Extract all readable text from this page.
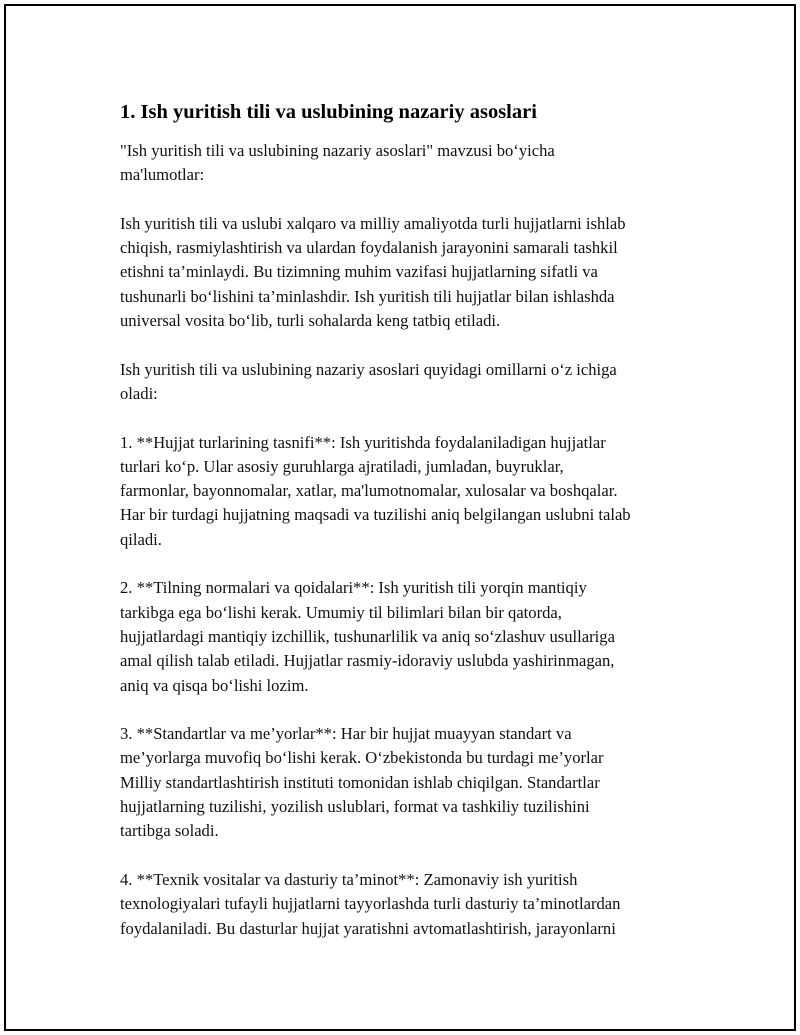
1. Ish yuritish tili va uslubining nazariy asoslari

"Ish yuritish tili va uslubining nazariy asoslari" mavzusi bo‘yicha
ma'lumotlar:

Ish yuritish tili va uslubi xalqaro va milliy amaliyotda turli hujjatlarni ishlab
chiqish, rasmiylashtirish va ulardan foydalanish jarayonini samarali tashkil
etishni ta’minlaydi. Bu tizimning muhim vazifasi hujjatlarning sifatli va
tushunarli bo‘lishini ta’minlashdir. Ish yuritish tili hujjatlar bilan ishlashda
universal vosita bo‘lib, turli sohalarda keng tatbiq etiladi.

Ish yuritish tili va uslubining nazariy asoslari quyidagi omillarni o‘z ichiga
oladi:

1. **Hujjat turlarining tasnifi**: Ish yuritishda foydalaniladigan hujjatlar
turlari ko‘p. Ular asosiy guruhlarga ajratiladi, jumladan, buyruklar,
farmonlar, bayonnomalar, xatlar, ma'lumotnomalar, xulosalar va boshqalar.
Har bir turdagi hujjatning maqsadi va tuzilishi aniq belgilangan uslubni talab
qiladi.

2. **Tilning normalari va qoidalari**: Ish yuritish tili yorqin mantiqiy
tarkibga ega bo‘lishi kerak. Umumiy til bilimlari bilan bir qatorda,
hujjatlardagi mantiqiy izchillik, tushunarlilik va aniq so‘zlashuv usullariga
amal qilish talab etiladi. Hujjatlar rasmiy-idoraviy uslubda yashirinmagan,
aniq va qisqa bo‘lishi lozim.

3. **Standartlar va me’yorlar**: Har bir hujjat muayyan standart va
me’yorlarga muvofiq bo‘lishi kerak. O‘zbekistonda bu turdagi me’yorlar
Milliy standartlashtirish instituti tomonidan ishlab chiqilgan. Standartlar
hujjatlarning tuzilishi, yozilish uslublari, format va tashkiliy tuzilishini
tartibga soladi.

4. **Texnik vositalar va dasturiy ta’minot**: Zamonaviy ish yuritish
texnologiyalari tufayli hujjatlarni tayyorlashda turli dasturiy ta’minotlardan
foydalaniladi. Bu dasturlar hujjat yaratishni avtomatlashtirish, jarayonlarni
